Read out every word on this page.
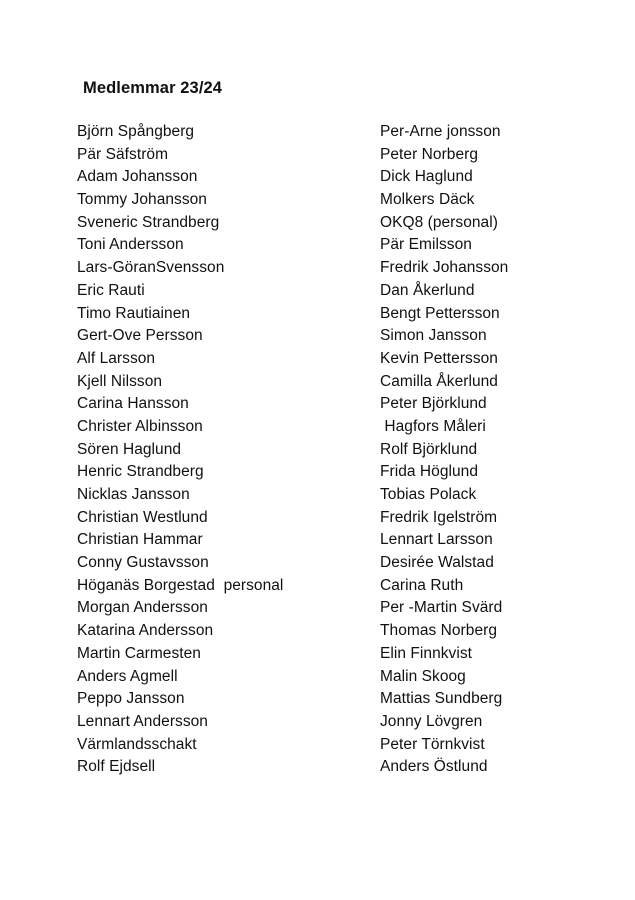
Medlemmar 23/24
Björn Spångberg
Pär Säfström
Adam Johansson
Tommy Johansson
Sveneric Strandberg
Toni Andersson
Lars-GöranSvensson
Eric Rauti
Timo Rautiainen
Gert-Ove Persson
Alf Larsson
Kjell Nilsson
Carina Hansson
Christer Albinsson
Sören Haglund
Henric Strandberg
Nicklas Jansson
Christian Westlund
Christian Hammar
Conny Gustavsson
Höganäs Borgestad  personal
Morgan Andersson
Katarina Andersson
Martin Carmesten
Anders Agmell
Peppo Jansson
Lennart Andersson
Värmlandsschakt
Rolf Ejdsell
Per-Arne jonsson
Peter Norberg
Dick Haglund
Molkers Däck
OKQ8 (personal)
Pär Emilsson
Fredrik Johansson
Dan Åkerlund
Bengt Pettersson
Simon Jansson
Kevin Pettersson
Camilla Åkerlund
Peter Björklund
Hagfors Måleri
Rolf Björklund
Frida Höglund
Tobias Polack
Fredrik Igelström
Lennart Larsson
Desirée Walstad
Carina Ruth
Per -Martin Svärd
Thomas Norberg
Elin Finnkvist
Malin Skoog
Mattias Sundberg
Jonny Lövgren
Peter Törnkvist
Anders Östlund
